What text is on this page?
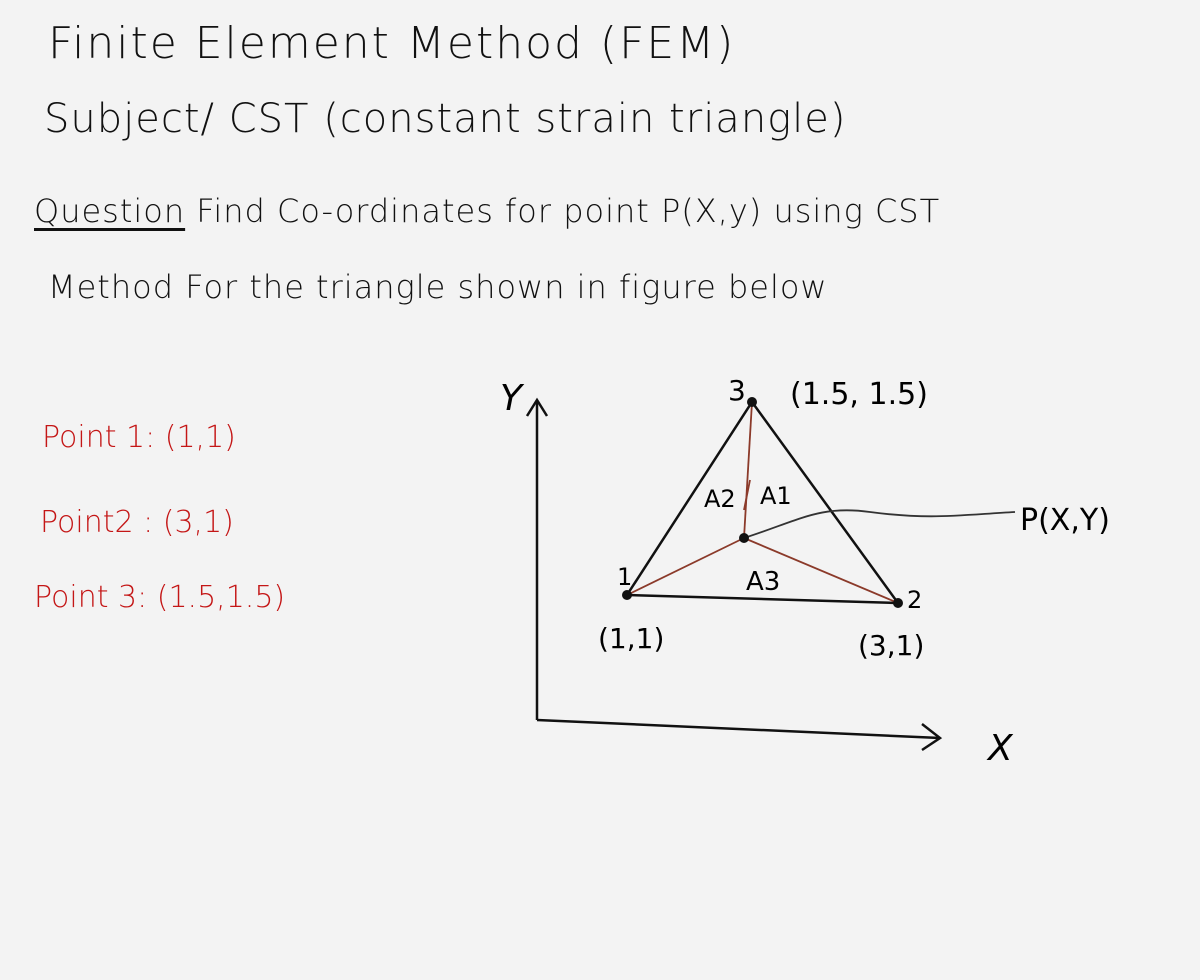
Finite Element Method (FEM)
Subject/ CST (constant strain triangle)
Question Find Co-ordinates for point P(X,y) using CST
Method For the triangle shown in figure below
Point 1: (1,1)
Point2 : (3,1)
Point 3: (1.5,1.5)
Y
X
1
(1,1)
2
(3,1)
3 (1.5, 1.5)
A2 A1
A3
P(X,Y)
